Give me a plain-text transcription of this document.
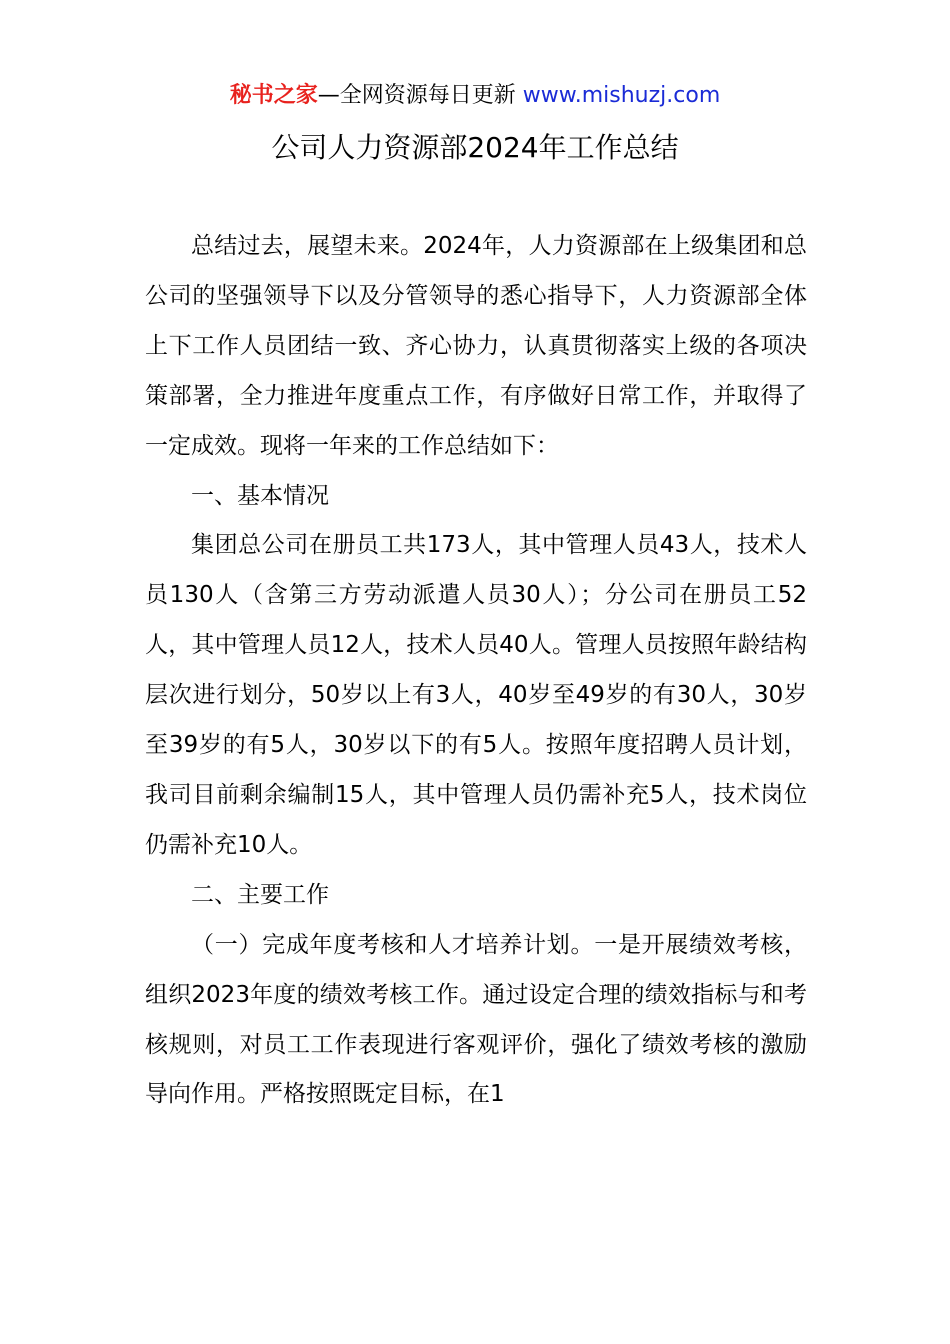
秘书之家—全网资源每日更新 www.mishuzj.com
公司人力资源部2024年工作总结

总结过去，展望未来。2024年，人力资源部在上级集团和总公司的坚强领导下以及分管领导的悉心指导下，人力资源部全体上下工作人员团结一致、齐心协力，认真贯彻落实上级的各项决策部署，全力推进年度重点工作，有序做好日常工作，并取得了一定成效。现将一年来的工作总结如下：

一、基本情况

集团总公司在册员工共173人，其中管理人员43人，技术人员130人（含第三方劳动派遣人员30人）；分公司在册员工52人，其中管理人员12人，技术人员40人。管理人员按照年龄结构层次进行划分，50岁以上有3人，40岁至49岁的有30人，30岁至39岁的有5人，30岁以下的有5人。按照年度招聘人员计划，我司目前剩余编制15人，其中管理人员仍需补充5人，技术岗位仍需补充10人。

二、主要工作

（一）完成年度考核和人才培养计划。一是开展绩效考核，组织2023年度的绩效考核工作。通过设定合理的绩效指标与和考核规则，对员工工作表现进行客观评价，强化了绩效考核的激励导向作用。严格按照既定目标，在1
